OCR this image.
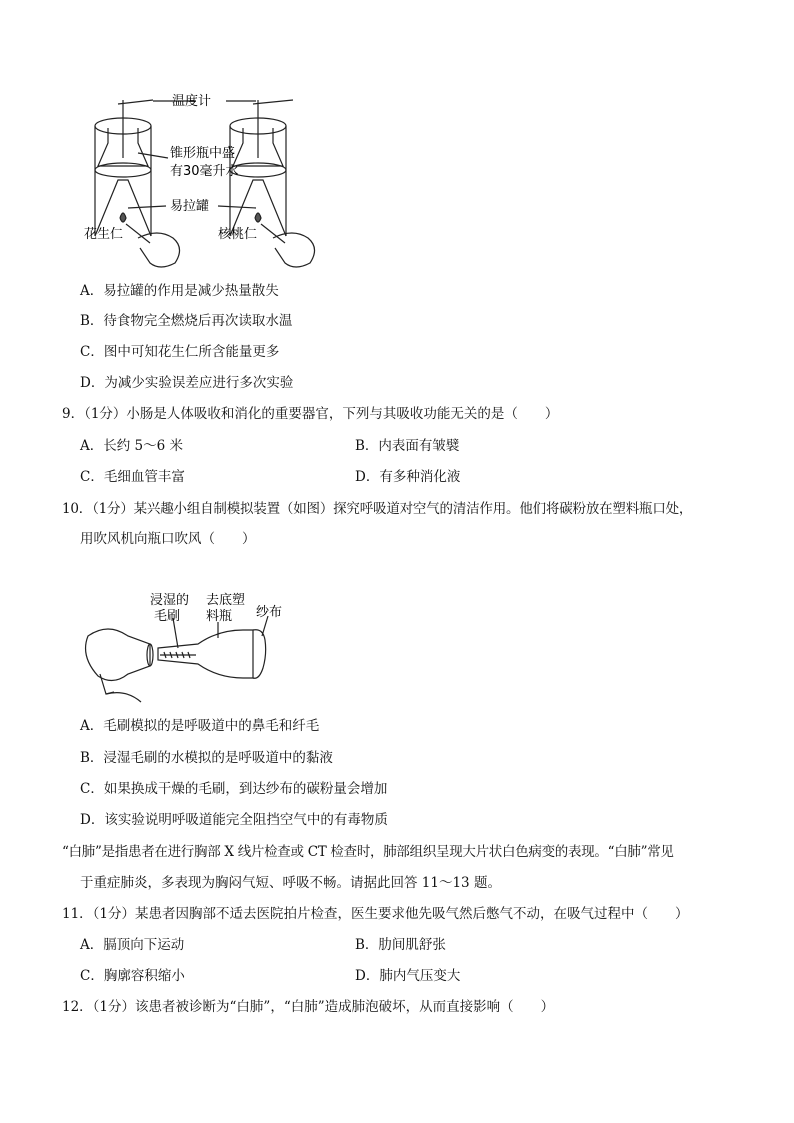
温度计
锥形瓶中盛
有30毫升水
易拉罐
花生仁	核桃仁
A．易拉罐的作用是减少热量散失
B．待食物完全燃烧后再次读取水温
C．图中可知花生仁所含能量更多
D．为减少实验误差应进行多次实验
9．（1分）小肠是人体吸收和消化的重要器官，下列与其吸收功能无关的是（　　）
A．长约 5～6 米	B．内表面有皱襞
C．毛细血管丰富	D．有多种消化液
10．（1分）某兴趣小组自制模拟装置（如图）探究呼吸道对空气的清洁作用。他们将碳粉放在塑料瓶口处，
用吹风机向瓶口吹风（　　）
浸湿的
毛刷
去底塑
料瓶 纱布
A．毛刷模拟的是呼吸道中的鼻毛和纤毛
B．浸湿毛刷的水模拟的是呼吸道中的黏液
C．如果换成干燥的毛刷，到达纱布的碳粉量会增加
D．该实验说明呼吸道能完全阻挡空气中的有毒物质
“白肺”是指患者在进行胸部 X 线片检查或 CT 检查时，肺部组织呈现大片状白色病变的表现。“白肺”常见
于重症肺炎，多表现为胸闷气短、呼吸不畅。请据此回答 11～13 题。
11．（1分）某患者因胸部不适去医院拍片检查，医生要求他先吸气然后憋气不动，在吸气过程中（　　）
A．膈顶向下运动	B．肋间肌舒张
C．胸廓容积缩小	D．肺内气压变大
12．（1分）该患者被诊断为“白肺”，“白肺”造成肺泡破坏，从而直接影响（　　）
